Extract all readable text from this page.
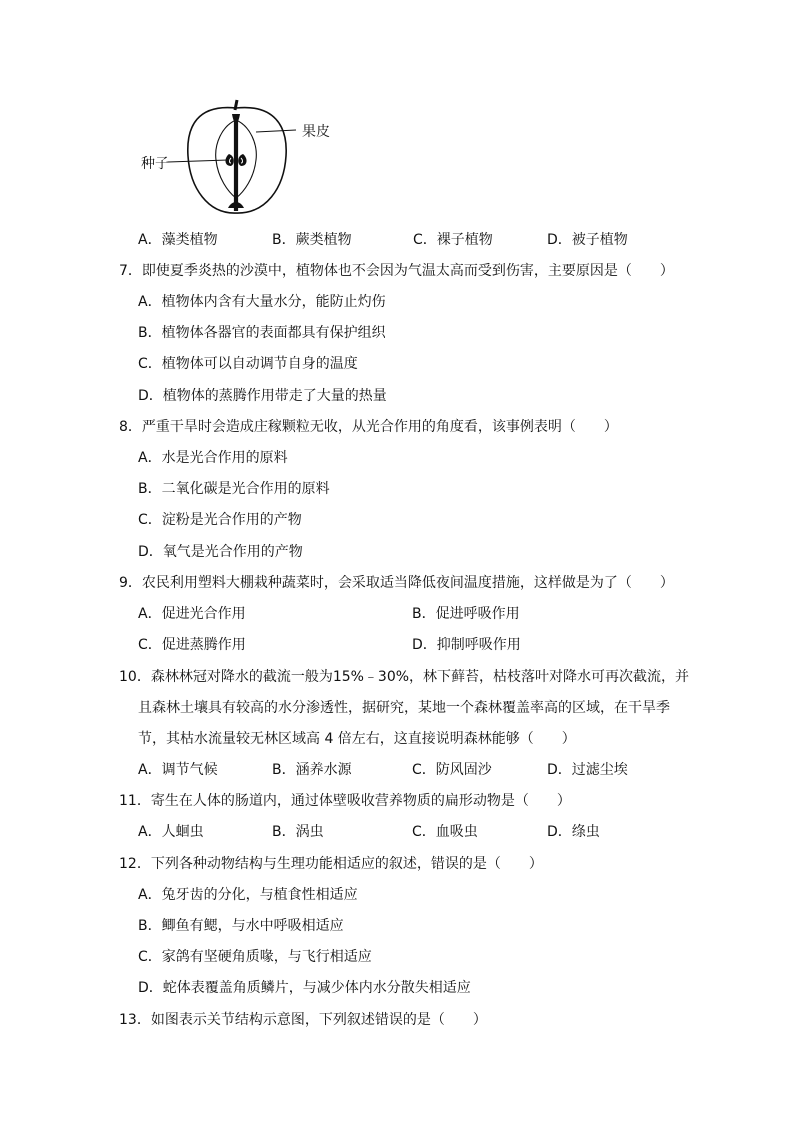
果皮
种子
A．藻类植物	B．蕨类植物	C．裸子植物	D．被子植物
7．即使夏季炎热的沙漠中，植物体也不会因为气温太高而受到伤害，主要原因是（　　）
A．植物体内含有大量水分，能防止灼伤
B．植物体各器官的表面都具有保护组织
C．植物体可以自动调节自身的温度
D．植物体的蒸腾作用带走了大量的热量
8．严重干旱时会造成庄稼颗粒无收，从光合作用的角度看，该事例表明（　　）
A．水是光合作用的原料
B．二氧化碳是光合作用的原料
C．淀粉是光合作用的产物
D．氧气是光合作用的产物
9．农民利用塑料大棚栽种蔬菜时，会采取适当降低夜间温度措施，这样做是为了（　　）
A．促进光合作用	B．促进呼吸作用
C．促进蒸腾作用	D．抑制呼吸作用
10．森林林冠对降水的截流一般为15%﹣30%，林下藓苔，枯枝落叶对降水可再次截流，并
且森林土壤具有较高的水分渗透性，据研究，某地一个森林覆盖率高的区域，在干旱季
节，其枯水流量较无林区域高 4 倍左右，这直接说明森林能够（　　）
A．调节气候	B．涵养水源	C．防风固沙	D．过滤尘埃
11．寄生在人体的肠道内，通过体壁吸收营养物质的扁形动物是（　　）
A．人蛔虫	B．涡虫	C．血吸虫	D．绦虫
12．下列各种动物结构与生理功能相适应的叙述，错误的是（　　）
A．兔牙齿的分化，与植食性相适应
B．鲫鱼有鳃，与水中呼吸相适应
C．家鸽有坚硬角质喙，与飞行相适应
D．蛇体表覆盖角质鳞片，与减少体内水分散失相适应
13．如图表示关节结构示意图，下列叙述错误的是（　　）
